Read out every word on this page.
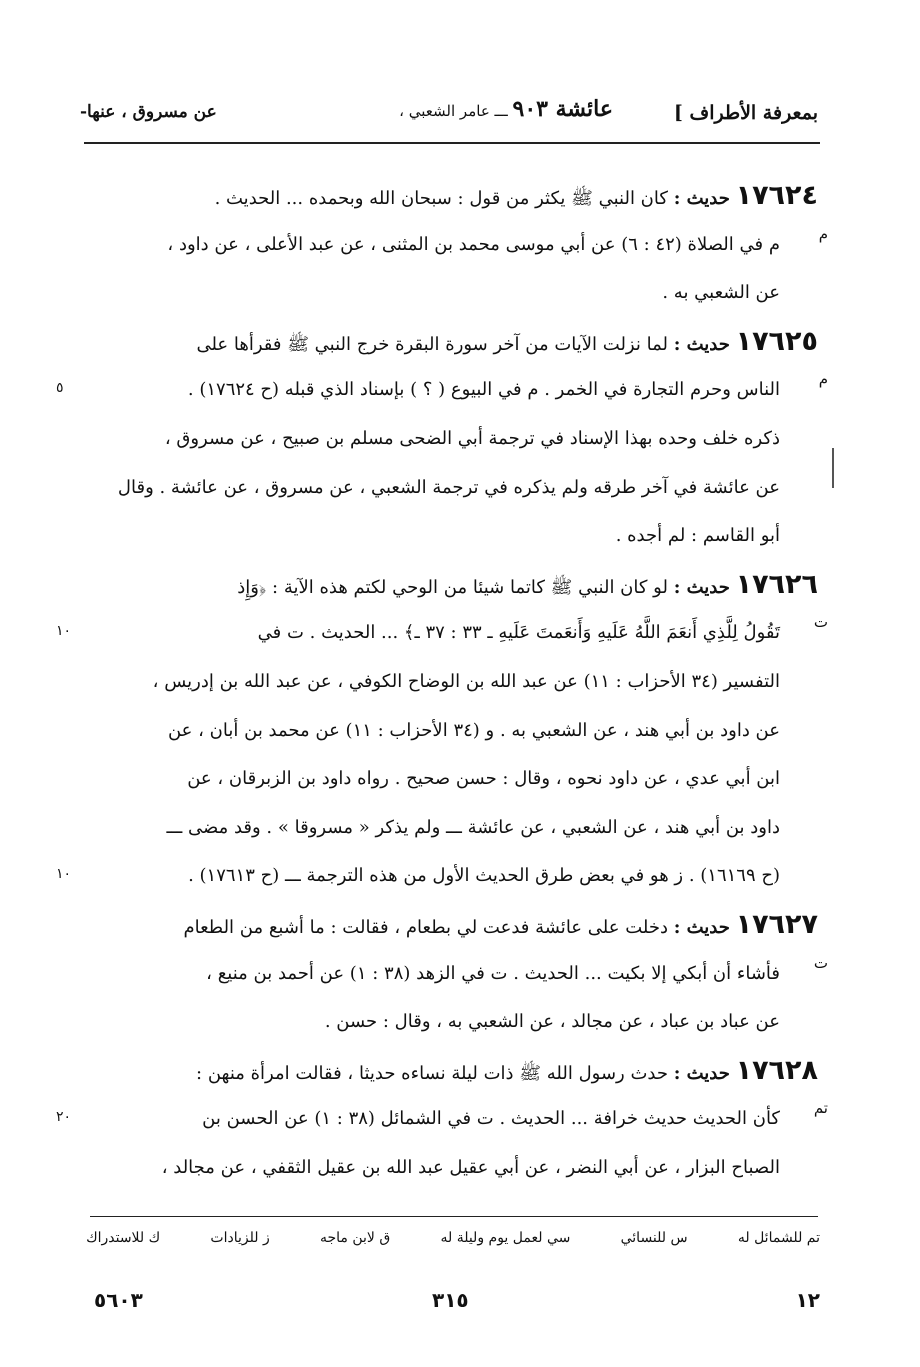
بمعرفة الأطراف ]
عائشة ٩٠٣ ـــ عامر الشعبي ،
عن مسروق ، عنها-
١٧٦٢٤ حديث : كان النبي ﷺ يكثر من قول : سبحان الله وبحمده ... الحديث .
م في الصلاة (٤٢ : ٦) عن أبي موسى محمد بن المثنى ، عن عبد الأعلى ، عن داود ،
عن الشعبي به .
١٧٦٢٥ حديث : لما نزلت الآيات من آخر سورة البقرة خرج النبي ﷺ فقرأها على
الناس وحرم التجارة في الخمر . م في البيوع ( ؟ ) بإسناد الذي قبله (ح ١٧٦٢٤) .
ذكره خلف وحده بهذا الإسناد في ترجمة أبي الضحى مسلم بن صبيح ، عن مسروق ،
عن عائشة في آخر طرقه ولم يذكره في ترجمة الشعبي ، عن مسروق ، عن عائشة . وقال
أبو القاسم : لم أجده .
١٧٦٢٦ حديث : لو كان النبي ﷺ كاتما شيئا من الوحي لكتم هذه الآية : ﴿وَإِذ
تَقُولُ لِلَّذِي أَنعَمَ اللَّهُ عَلَيهِ وَأَنعَمتَ عَلَيهِ ـ ٣٣ : ٣٧ ـ﴾ ... الحديث . ت في
التفسير (٣٤ الأحزاب : ١١) عن عبد الله بن الوضاح الكوفي ، عن عبد الله بن إدريس ،
عن داود بن أبي هند ، عن الشعبي به . و (٣٤ الأحزاب : ١١) عن محمد بن أبان ، عن
ابن أبي عدي ، عن داود نحوه ، وقال : حسن صحيح . رواه داود بن الزبرقان ، عن
داود بن أبي هند ، عن الشعبي ، عن عائشة ـــ ولم يذكر « مسروقا » . وقد مضى ـــ
(ح ١٦١٦٩) . ز هو في بعض طرق الحديث الأول من هذه الترجمة ـــ (ح ١٧٦١٣) .
١٧٦٢٧ حديث : دخلت على عائشة فدعت لي بطعام ، فقالت : ما أشبع من الطعام
فأشاء أن أبكي إلا بكيت ... الحديث . ت في الزهد (٣٨ : ١) عن أحمد بن منيع ،
عن عباد بن عباد ، عن مجالد ، عن الشعبي به ، وقال : حسن .
١٧٦٢٨ حديث : حدث رسول الله ﷺ ذات ليلة نساءه حديثا ، فقالت امرأة منهن :
كأن الحديث حديث خرافة ... الحديث . ت في الشمائل (٣٨ : ١) عن الحسن بن
الصباح البزار ، عن أبي النضر ، عن أبي عقيل عبد الله بن عقيل الثقفي ، عن مجالد ،
تم للشمائل له
س للنسائي
سي لعمل يوم وليلة له
ق لابن ماجه
ز للزيادات
ك للاستدراك
١٢
٣١٥
٥٦٠٣
م
م
٥
ت
١٠
١٠
ت
تم
٢٠
